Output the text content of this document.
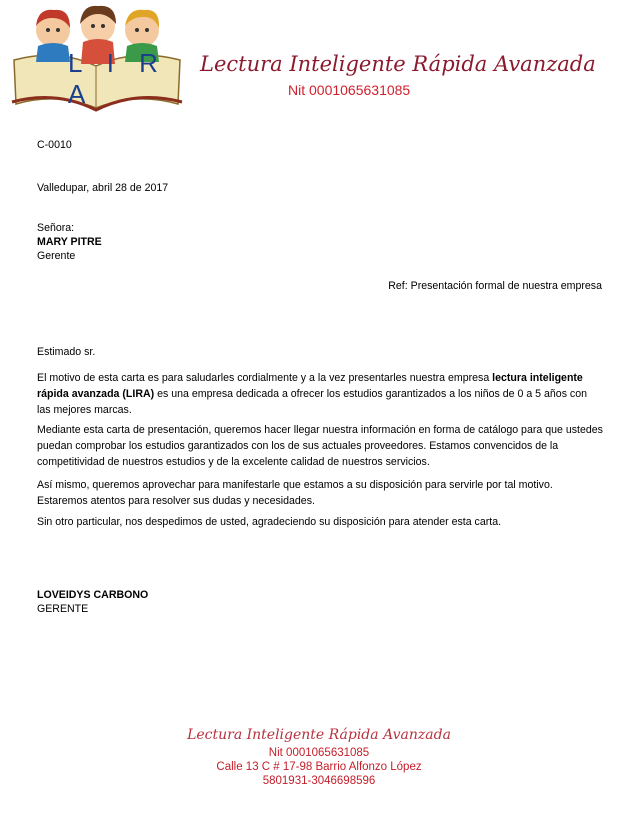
L I R A
Lectura Inteligente Rápida Avanzada
Nit 0001065631085
C-0010
Valledupar, abril 28 de 2017
Señora:
MARY PITRE
Gerente
Ref: Presentación formal de nuestra empresa
Estimado sr.
El motivo de esta carta es para saludarles cordialmente y a la vez presentarles nuestra empresa lectura inteligente rápida avanzada (LIRA) es una empresa dedicada a ofrecer los estudios garantizados a los niños de 0 a 5 años con las mejores marcas.
Mediante esta carta de presentación, queremos hacer llegar nuestra información en forma de catálogo para que ustedes puedan comprobar los estudios garantizados con los de sus actuales proveedores. Estamos convencidos de la competitividad de nuestros estudios y de la excelente calidad de nuestros servicios.
Así mismo, queremos aprovechar para manifestarle que estamos a su disposición para servirle por tal motivo. Estaremos atentos para resolver sus dudas y necesidades.
Sin otro particular, nos despedimos de usted, agradeciendo su disposición para atender esta carta.
LOVEIDYS CARBONO
GERENTE
Lectura Inteligente Rápida Avanzada
Nit 0001065631085
Calle 13 C # 17-98 Barrio Alfonzo López
5801931-3046698596
